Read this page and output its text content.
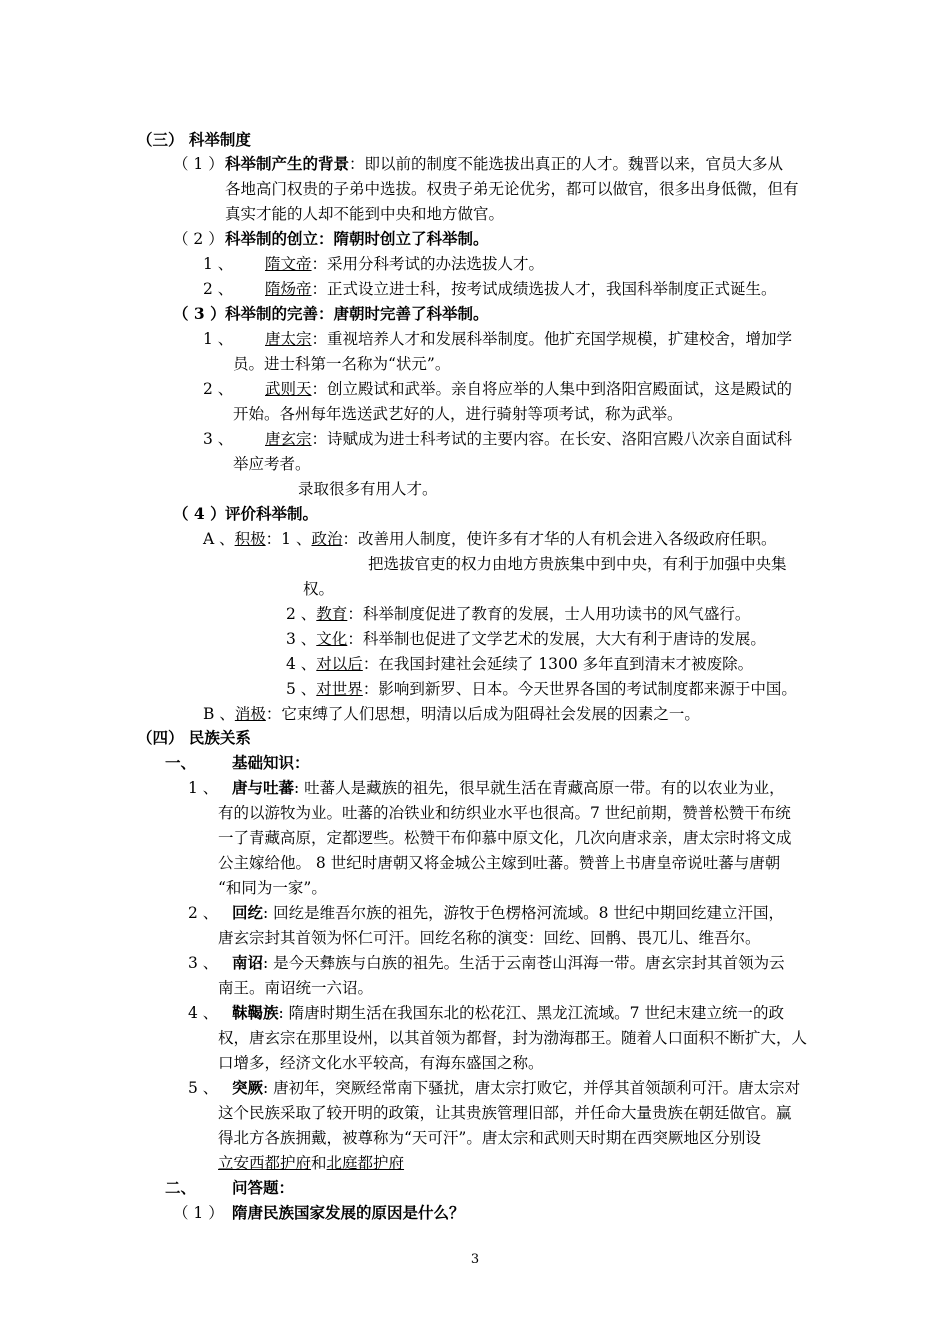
（三） 科举制度
（ 1 ） 科举制产生的背景：即以前的制度不能选拔出真正的人才。魏晋以来，官员大多从
各地高门权贵的子弟中选拔。权贵子弟无论优劣，都可以做官，很多出身低微，但有
真实才能的人却不能到中央和地方做官。
（ 2 ） 科举制的创立：隋朝时创立了科举制。
1 、 隋文帝：采用分科考试的办法选拔人才。
2 、 隋炀帝：正式设立进士科，按考试成绩选拔人才，我国科举制度正式诞生。
（ 3 ） 科举制的完善：唐朝时完善了科举制。
1 、 唐太宗：重视培养人才和发展科举制度。他扩充国学规模，扩建校舍，增加学
员。进士科第一名称为“状元”。
2 、 武则天：创立殿试和武举。亲自将应举的人集中到洛阳宫殿面试，这是殿试的
开始。各州每年选送武艺好的人，进行骑射等项考试，称为武举。
3 、 唐玄宗：诗赋成为进士科考试的主要内容。在长安、洛阳宫殿八次亲自面试科
举应考者。
录取很多有用人才。
（ 4 ） 评价科举制。
A 、积极：1 、政治：改善用人制度，使许多有才华的人有机会进入各级政府任职。
把选拔官吏的权力由地方贵族集中到中央，有利于加强中央集
权。
2 、教育：科举制度促进了教育的发展，士人用功读书的风气盛行。
3 、文化：科举制也促进了文学艺术的发展，大大有利于唐诗的发展。
4 、对以后：在我国封建社会延续了 1300 多年直到清末才被废除。
5 、对世界：影响到新罗、日本。今天世界各国的考试制度都来源于中国。
B 、消极：它束缚了人们思想，明清以后成为阻碍社会发展的因素之一。
（四） 民族关系
一、 基础知识：
1 、 唐与吐蕃: 吐蕃人是藏族的祖先，很早就生活在青藏高原一带。有的以农业为业，
有的以游牧为业。吐蕃的冶铁业和纺织业水平也很高。7 世纪前期，赞普松赞干布统
一了青藏高原，定都逻些。松赞干布仰慕中原文化，几次向唐求亲，唐太宗时将文成
公主嫁给他。 8 世纪时唐朝又将金城公主嫁到吐蕃。赞普上书唐皇帝说吐蕃与唐朝
“和同为一家”。
2 、 回纥: 回纥是维吾尔族的祖先，游牧于色楞格河流域。8 世纪中期回纥建立汗国，
唐玄宗封其首领为怀仁可汗。回纥名称的演变：回纥、回鹘、畏兀儿、维吾尔。
3 、 南诏: 是今天彝族与白族的祖先。生活于云南苍山洱海一带。唐玄宗封其首领为云
南王。南诏统一六诏。
4 、 靺鞨族: 隋唐时期生活在我国东北的松花江、黑龙江流域。7 世纪末建立统一的政
权，唐玄宗在那里设州，以其首领为都督，封为渤海郡王。随着人口面积不断扩大，人
口增多，经济文化水平较高，有海东盛国之称。
5 、 突厥: 唐初年，突厥经常南下骚扰，唐太宗打败它，并俘其首领颉利可汗。唐太宗对
这个民族采取了较开明的政策，让其贵族管理旧部，并任命大量贵族在朝廷做官。赢
得北方各族拥戴，被尊称为“天可汗”。唐太宗和武则天时期在西突厥地区分别设
立安西都护府和北庭都护府
二、 问答题：
（ 1 ） 隋唐民族国家发展的原因是什么？
3
